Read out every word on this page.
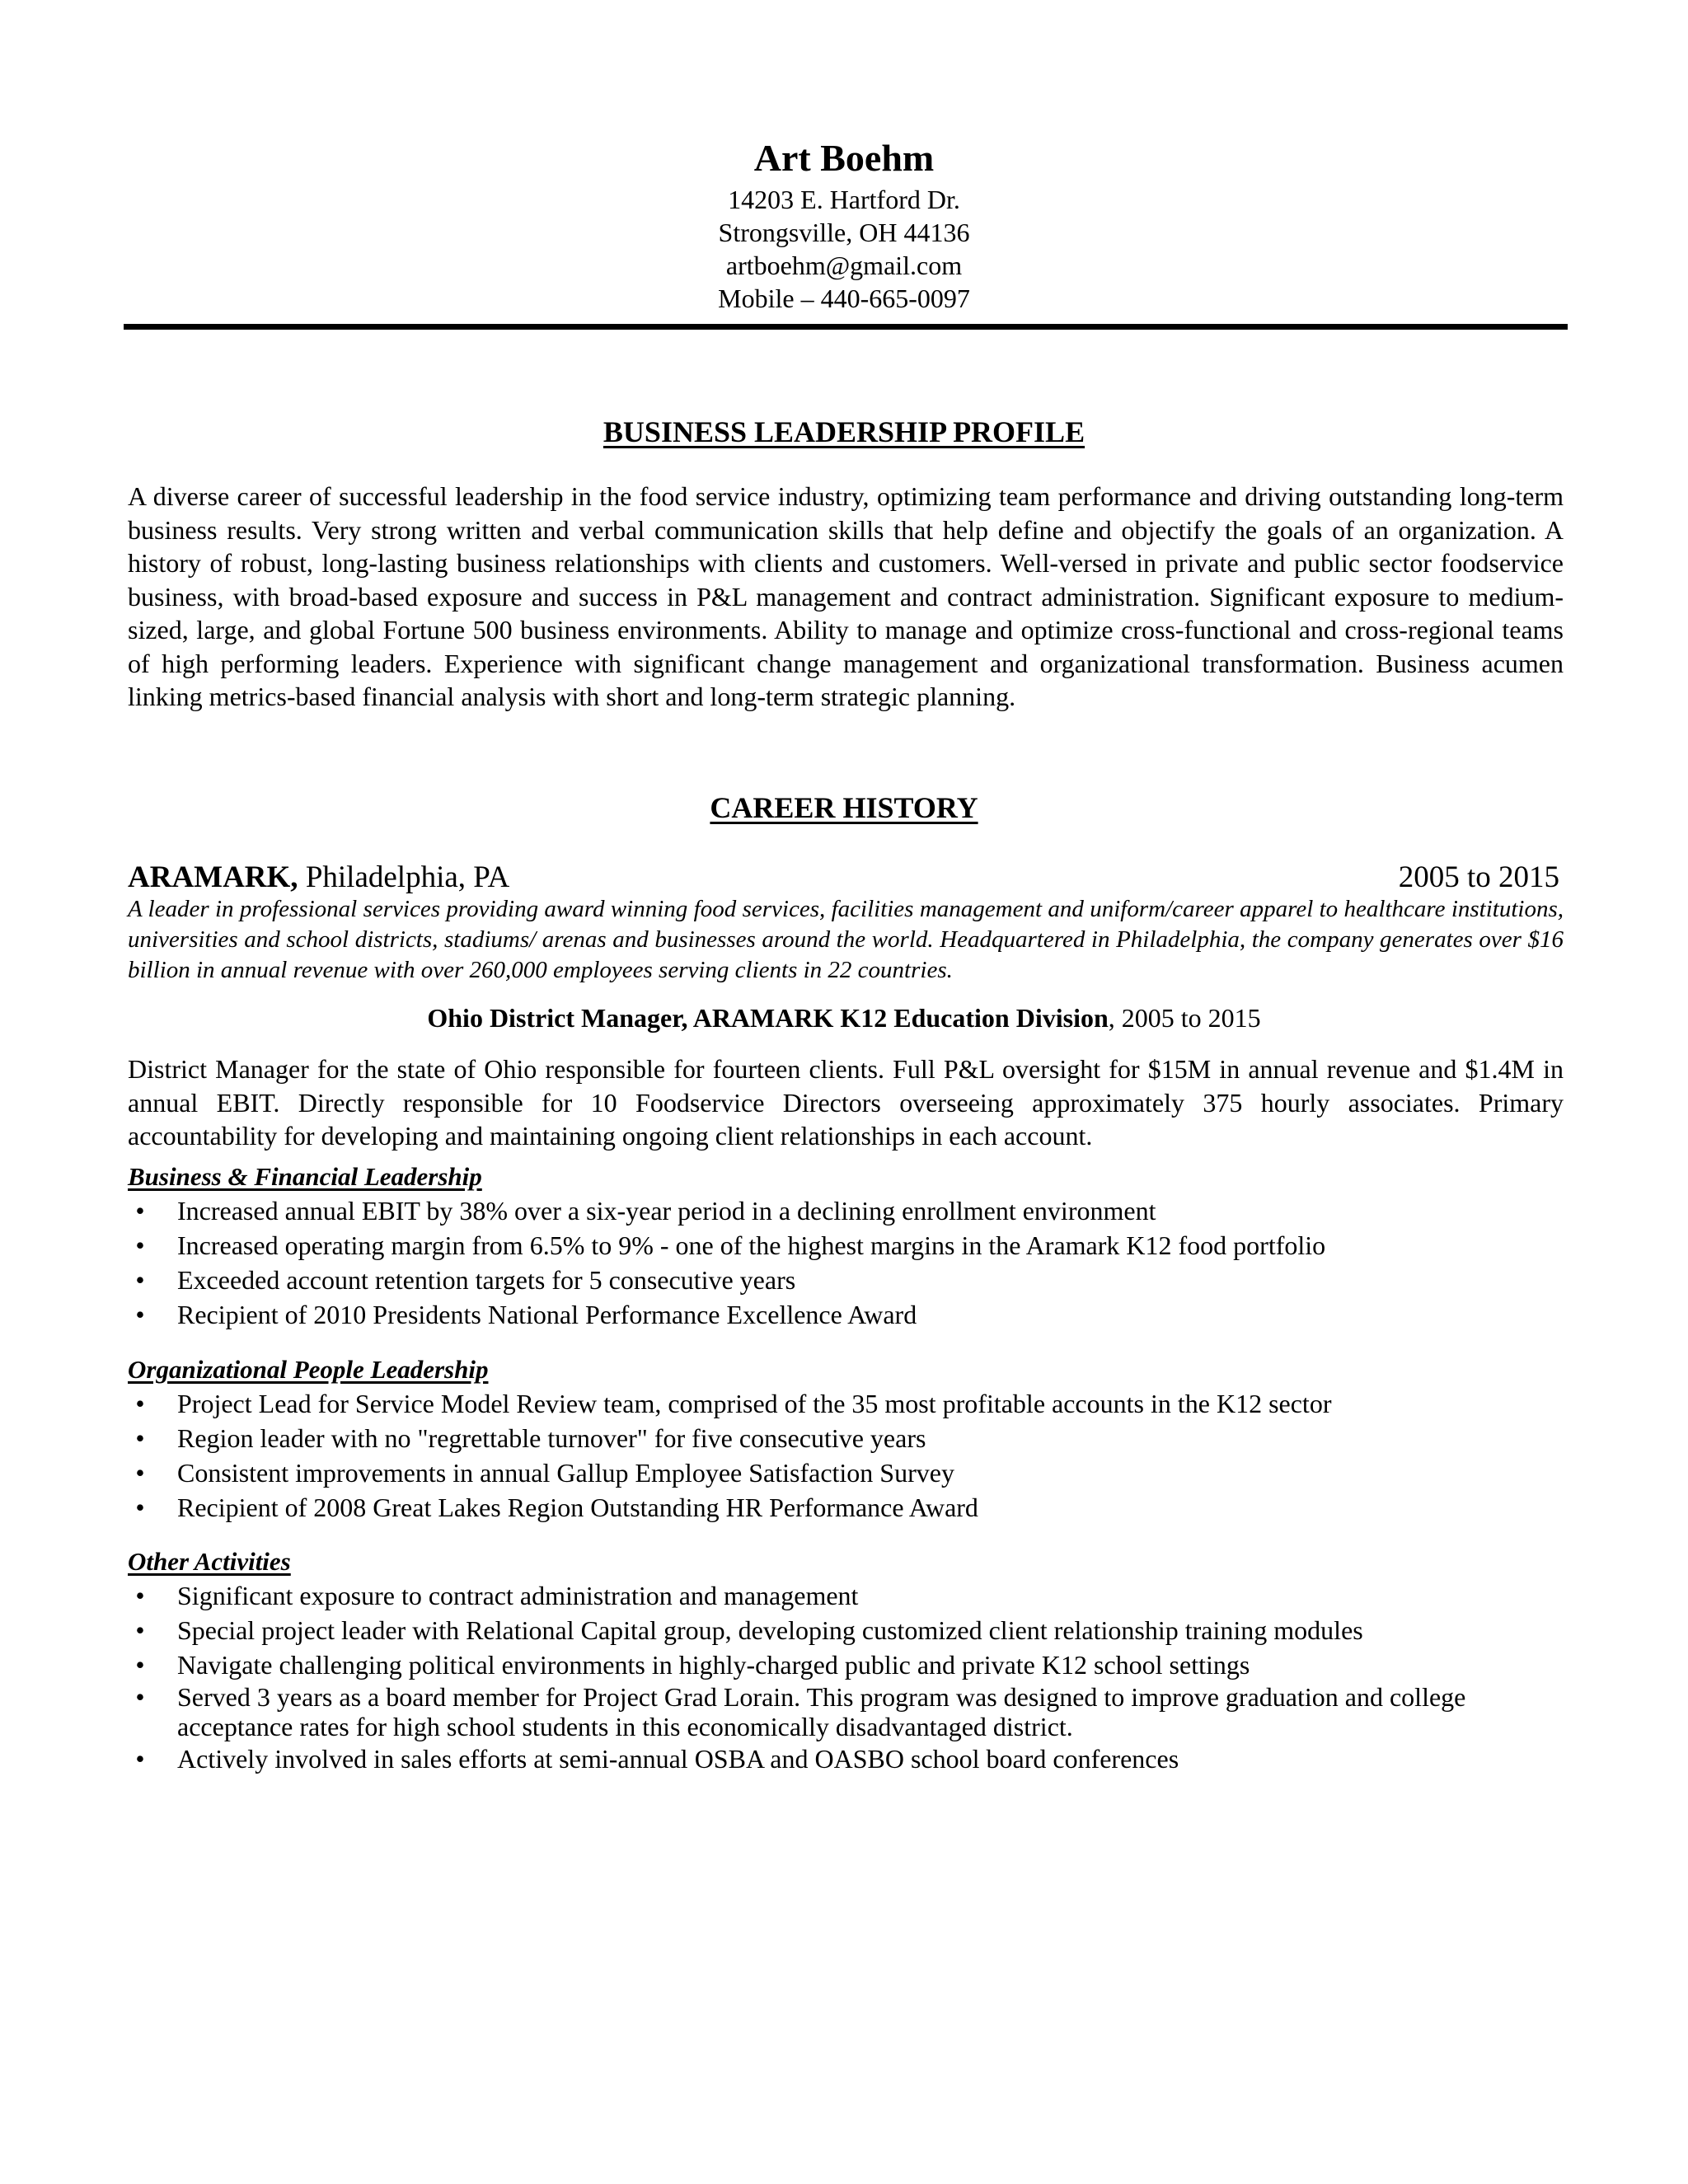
Art Boehm

14203 E. Hartford Dr.

Strongsville, OH 44136

artboehm@gmail.com

Mobile – 440-665-0097

BUSINESS LEADERSHIP PROFILE
A diverse career of successful leadership in the food service industry, optimizing team performance and driving outstanding long-term business results. Very strong written and verbal communication skills that help define and objectify the goals of an organization. A history of robust, long-lasting business relationships with clients and customers. Well-versed in private and public sector foodservice business, with broad-based exposure and success in P&L management and contract administration. Significant exposure to medium-sized, large, and global Fortune 500 business environments. Ability to manage and optimize cross-functional and cross-regional teams of high performing leaders. Experience with significant change management and organizational transformation. Business acumen linking metrics-based financial analysis with short and long-term strategic planning.
CAREER HISTORY
ARAMARK, Philadelphia, PA	2005 to 2015
A leader in professional services providing award winning food services, facilities management and uniform/career apparel to healthcare institutions, universities and school districts, stadiums/ arenas and businesses around the world. Headquartered in Philadelphia, the company generates over $16 billion in annual revenue with over 260,000 employees serving clients in 22 countries.
Ohio District Manager, ARAMARK K12 Education Division, 2005 to 2015
District Manager for the state of Ohio responsible for fourteen clients. Full P&L oversight for $15M in annual revenue and $1.4M in annual EBIT. Directly responsible for 10 Foodservice Directors overseeing approximately 375 hourly associates. Primary accountability for developing and maintaining ongoing client relationships in each account.
Business & Financial Leadership
• Increased annual EBIT by 38% over a six-year period in a declining enrollment environment
• Increased operating margin from 6.5% to 9% - one of the highest margins in the Aramark K12 food portfolio
• Exceeded account retention targets for 5 consecutive years
• Recipient of 2010 Presidents National Performance Excellence Award
Organizational People Leadership
• Project Lead for Service Model Review team, comprised of the 35 most profitable accounts in the K12 sector
• Region leader with no "regrettable turnover" for five consecutive years
• Consistent improvements in annual Gallup Employee Satisfaction Survey
• Recipient of 2008 Great Lakes Region Outstanding HR Performance Award
Other Activities
• Significant exposure to contract administration and management
• Special project leader with Relational Capital group, developing customized client relationship training modules
• Navigate challenging political environments in highly-charged public and private K12 school settings
• Served 3 years as a board member for Project Grad Lorain. This program was designed to improve graduation and college acceptance rates for high school students in this economically disadvantaged district.
• Actively involved in sales efforts at semi-annual OSBA and OASBO school board conferences
